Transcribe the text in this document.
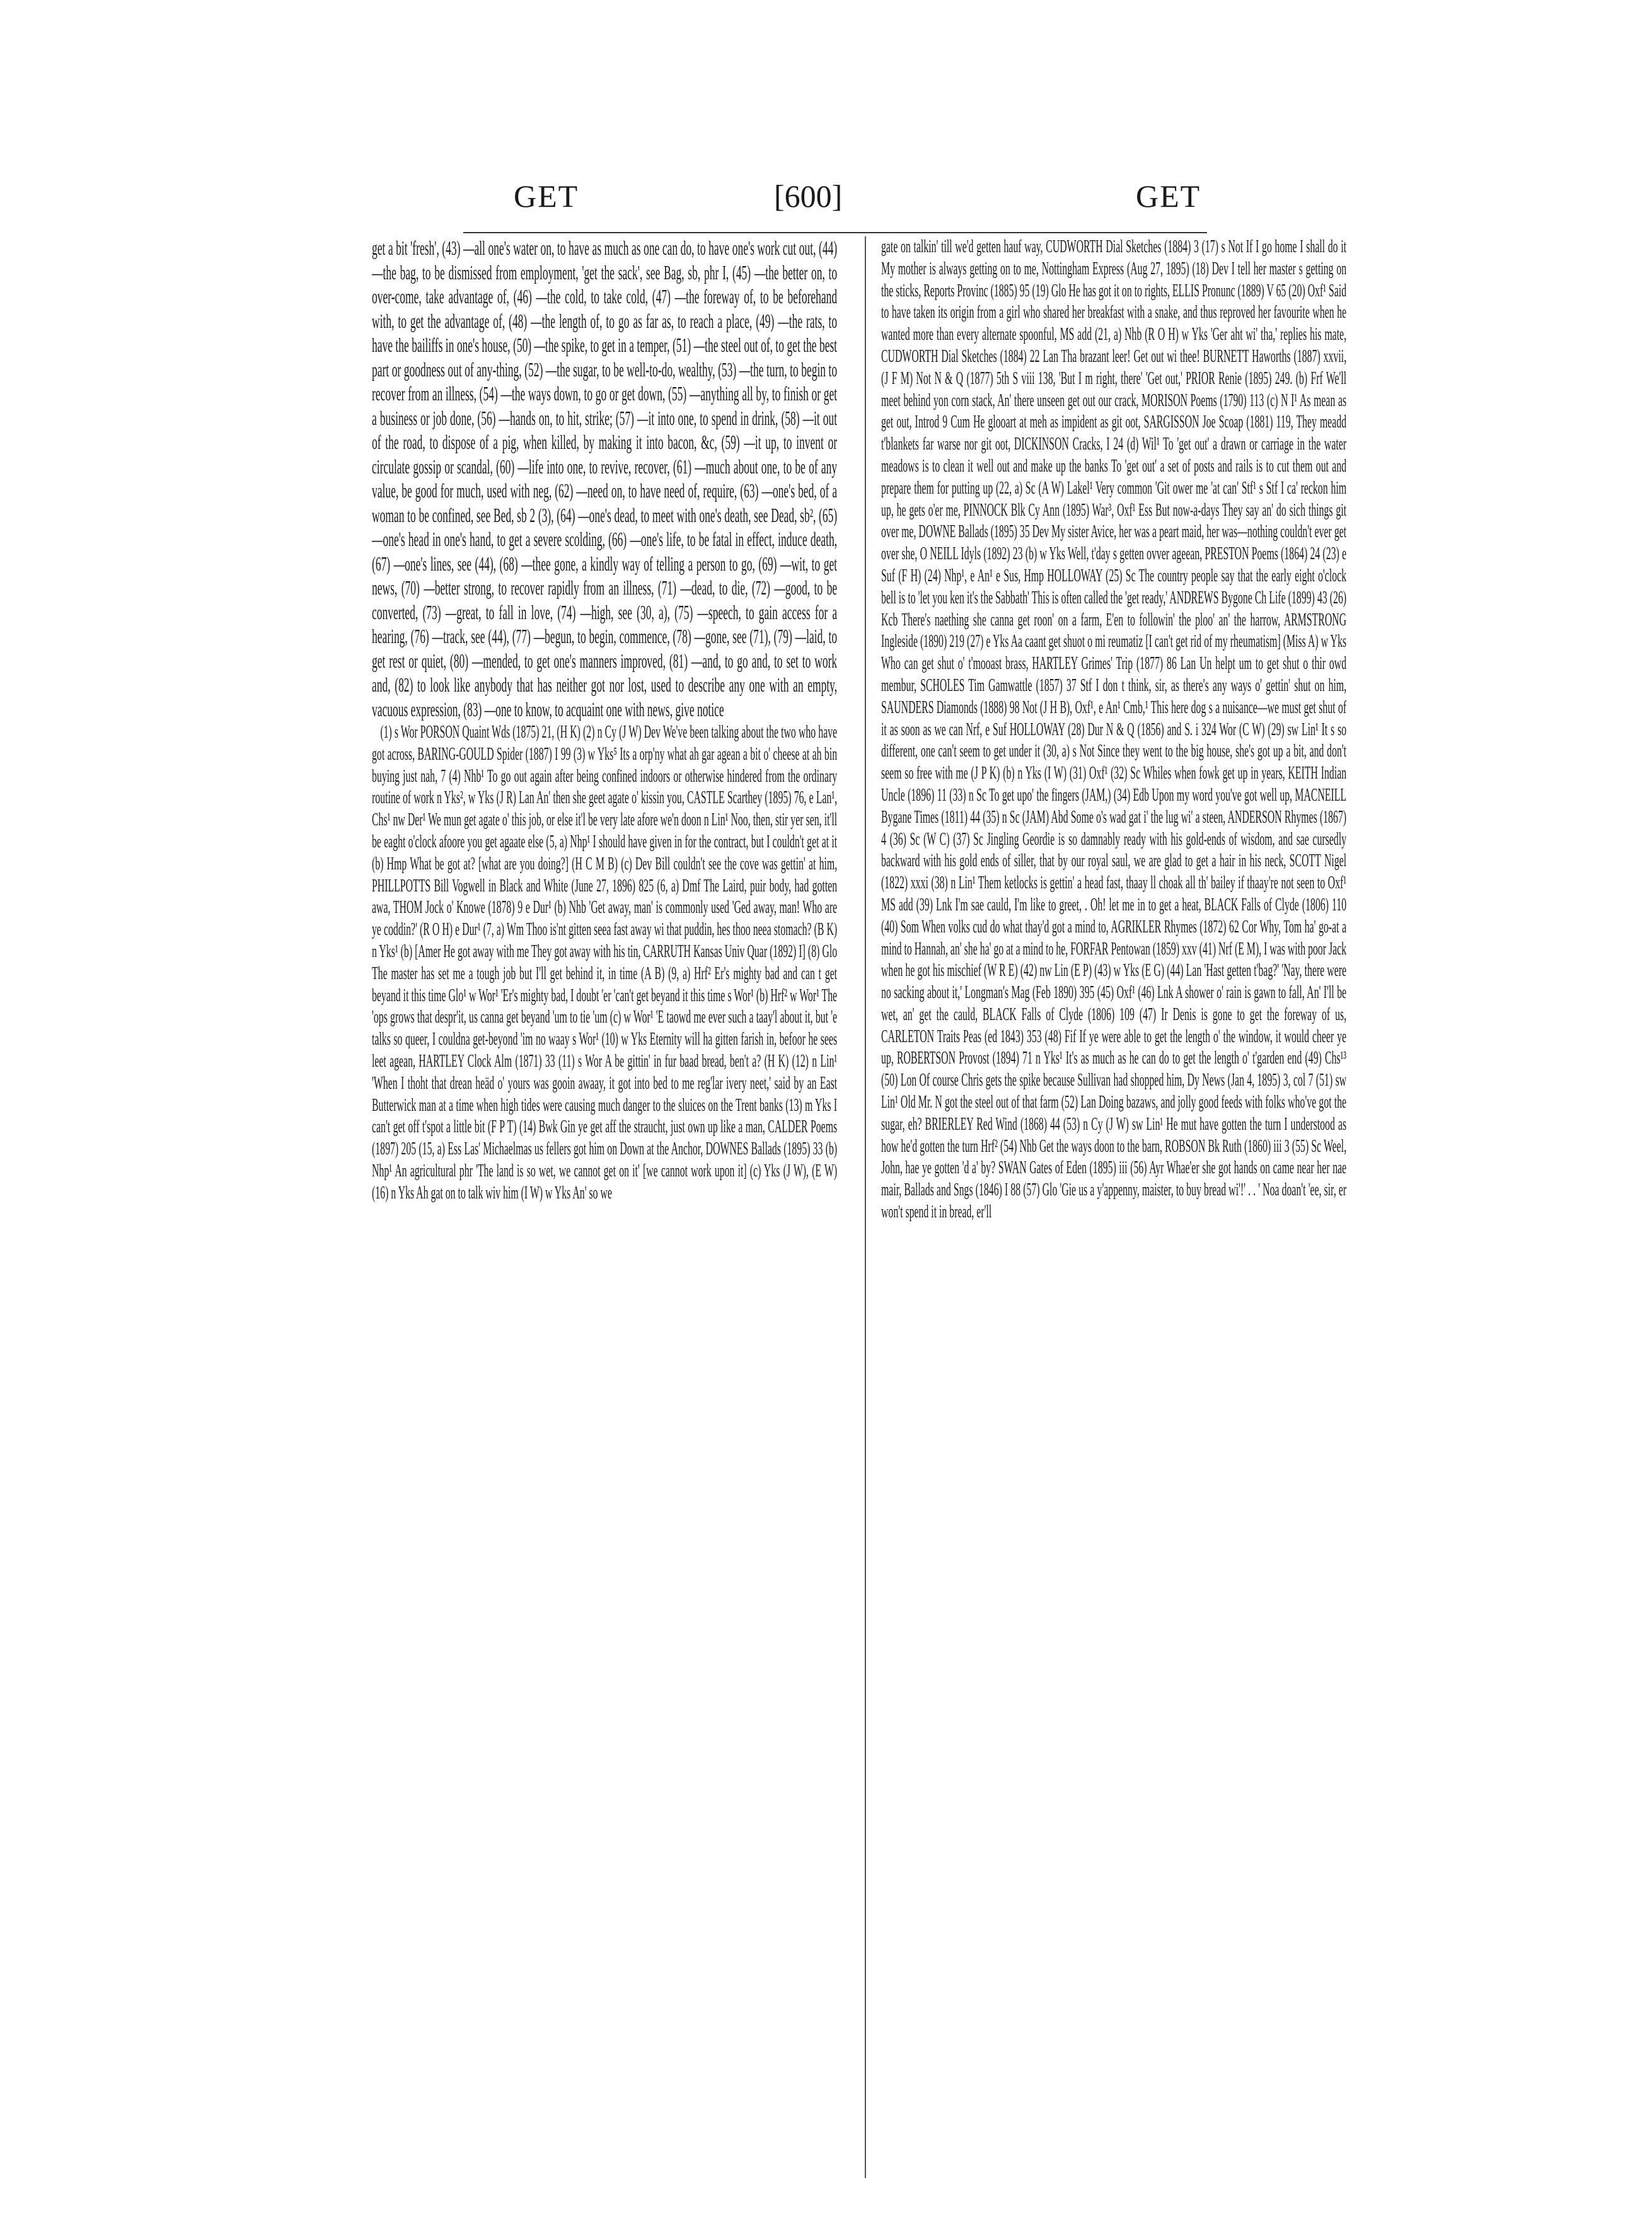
GET	[600]	GET

get a bit 'fresh', (43) —all one's water on, to have as much as one can do, to have one's work cut out, (44) —the bag, to be dismissed from employment, 'get the sack', see Bag, sb, phr I, (45) —the better on, to over-come, take advantage of, (46) —the cold, to take cold, (47) —the foreway of, to be beforehand with, to get the advantage of, (48) —the length of, to go as far as, to reach a place, (49) —the rats, to have the bailiffs in one's house, (50) —the spike, to get in a temper, (51) —the steel out of, to get the best part or goodness out of any-thing, (52) —the sugar, to be well-to-do, wealthy, (53) —the turn, to begin to recover from an illness, (54) —the ways down, to go or get down, (55) —anything all by, to finish or get a business or job done, (56) —hands on, to hit, strike; (57) —it into one, to spend in drink, (58) —it out of the road, to dispose of a pig, when killed, by making it into bacon, &c, (59) —it up, to invent or circulate gossip or scandal, (60) —life into one, to revive, recover, (61) —much about one, to be of any value, be good for much, used with neg, (62) —need on, to have need of, require, (63) —one's bed, of a woman to be confined, see Bed, sb 2 (3), (64) —one's dead, to meet with one's death, see Dead, sb², (65) —one's head in one's hand, to get a severe scolding, (66) —one's life, to be fatal in effect, induce death, (67) —one's lines, see (44), (68) —thee gone, a kindly way of telling a person to go, (69) —wit, to get news, (70) —better strong, to recover rapidly from an illness, (71) —dead, to die, (72) —good, to be converted, (73) —great, to fall in love, (74) —high, see (30, a), (75) —speech, to gain access for a hearing, (76) —track, see (44), (77) —begun, to begin, commence, (78) —gone, see (71), (79) —laid, to get rest or quiet, (80) —mended, to get one's manners improved, (81) —and, to go and, to set to work and, (82) to look like anybody that has neither got nor lost, used to describe any one with an empty, vacuous expression, (83) —one to know, to acquaint one with news, give notice

(1) s Wor PORSON Quaint Wds (1875) 21, (H K) (2) n Cy (J W) Dev We've been talking about the two who have got across, BARING-GOULD Spider (1887) I 99 (3) w Yks⁵ Its a orp'ny what ah gar agean a bit o' cheese at ah bin buying just nah, 7 (4) Nhb¹ To go out again after being confined indoors or otherwise hindered from the ordinary routine of work n Yks², w Yks (J R) Lan An' then she geet agate o' kissin you, CASTLE Scarthey (1895) 76, e Lan¹, Chs¹ nw Der¹ We mun get agate o' this job, or else it'l be very late afore we'n doon n Lin¹ Noo, then, stir yer sen, it'll be eaght o'clock afoore you get agaate else (5, a) Nhp¹ I should have given in for the contract, but I couldn't get at it (b) Hmp What be got at? [what are you doing?] (H C M B) (c) Dev Bill couldn't see the cove was gettin' at him, PHILLPOTTS Bill Vogwell in Black and White (June 27, 1896) 825 (6, a) Dmf The Laird, puir body, had gotten awa, THOM Jock o' Knowe (1878) 9 e Dur¹ (b) Nhb 'Get away, man' is commonly used 'Ged away, man! Who are ye coddin?' (R O H) e Dur¹ (7, a) Wm Thoo is'nt gitten seea fast away wi that puddin, hes thoo neea stomach? (B K) n Yks¹ (b) [Amer He got away with me They got away with his tin, CARRUTH Kansas Univ Quar (1892) I] (8) Glo The master has set me a tough job but I'll get behind it, in time (A B) (9, a) Hrf² Er's mighty bad and can t get beyand it this time Glo¹ w Wor¹ 'Er's mighty bad, I doubt 'er 'can't get beyand it this time s Wor¹ (b) Hrf² w Wor¹ The 'ops grows that despr'it, us canna get beyand 'um to tie 'um (c) w Wor¹ 'E taowd me ever such a taay'l about it, but 'e talks so queer, I couldna get-beyond 'im no waay s Wor¹ (10) w Yks Eternity will ha gitten farish in, befoor he sees leet agean, HARTLEY Clock Alm (1871) 33 (11) s Wor A be gittin' in fur baad bread, ben't a? (H K) (12) n Lin¹ 'When I thoht that drean heäd o' yours was gooin awaay, it got into bed to me reg'lar ivery neet,' said by an East Butterwick man at a time when high tides were causing much danger to the sluices on the Trent banks (13) m Yks I can't get off t'spot a little bit (F P T) (14) Bwk Gin ye get aff the straucht, just own up like a man, CALDER Poems (1897) 205 (15, a) Ess Las' Michaelmas us fellers got him on Down at the Anchor, DOWNES Ballads (1895) 33 (b) Nhp¹ An agricultural phr 'The land is so wet, we cannot get on it' [we cannot work upon it] (c) Yks (J W), (E W) (16) n Yks Ah gat on to talk wiv him (I W) w Yks An' so we

gate on talkin' till we'd getten hauf way, CUDWORTH Dial Sketches (1884) 3 (17) s Not If I go home I shall do it My mother is always getting on to me, Nottingham Express (Aug 27, 1895) (18) Dev I tell her master s getting on the sticks, Reports Provinc (1885) 95 (19) Glo He has got it on to rights, ELLIS Pronunc (1889) V 65 (20) Oxf¹ Said to have taken its origin from a girl who shared her breakfast with a snake, and thus reproved her favourite when he wanted more than every alternate spoonful, MS add (21, a) Nhb (R O H) w Yks 'Ger aht wi' tha,' replies his mate, CUDWORTH Dial Sketches (1884) 22 Lan Tha brazant leer! Get out wi thee! BURNETT Haworths (1887) xxvii, (J F M) Not N & Q (1877) 5th S viii 138, 'But I m right, there' 'Get out,' PRIOR Renie (1895) 249. (b) Frf We'll meet behind yon corn stack, An' there unseen get out our crack, MORISON Poems (1790) 113 (c) N I¹ As mean as get out, Introd 9 Cum He glooart at meh as impident as git oot, SARGISSON Joe Scoap (1881) 119, They meadd t'blankets far warse nor git oot, DICKINSON Cracks, I 24 (d) Wil¹ To 'get out' a drawn or carriage in the water meadows is to clean it well out and make up the banks To 'get out' a set of posts and rails is to cut them out and prepare them for putting up (22, a) Sc (A W) Lakel¹ Very common 'Git ower me 'at can' Stf¹ s Stf I ca' reckon him up, he gets o'er me, PINNOCK Blk Cy Ann (1895) War³, Oxf¹ Ess But now-a-days They say an' do sich things git over me, DOWNE Ballads (1895) 35 Dev My sister Avice, her was a peart maid, her was—nothing couldn't ever get over she, O NEILL Idyls (1892) 23 (b) w Yks Well, t'day s getten ovver ageean, PRESTON Poems (1864) 24 (23) e Suf (F H) (24) Nhp¹, e An¹ e Sus, Hmp HOLLOWAY (25) Sc The country people say that the early eight o'clock bell is to 'let you ken it's the Sabbath' This is often called the 'get ready,' ANDREWS Bygone Ch Life (1899) 43 (26) Kcb There's naething she canna get roon' on a farm, E'en to followin' the ploo' an' the harrow, ARMSTRONG Ingleside (1890) 219 (27) e Yks Aa caant get shuot o mi reumatiz [I can't get rid of my rheumatism] (Miss A) w Yks Who can get shut o' t'mooast brass, HARTLEY Grimes' Trip (1877) 86 Lan Un helpt um to get shut o thir owd membur, SCHOLES Tim Gamwattle (1857) 37 Stf I don t think, sir, as there's any ways o' gettin' shut on him, SAUNDERS Diamonds (1888) 98 Not (J H B), Oxf¹, e An¹ Cmb,¹ This here dog s a nuisance—we must get shut of it as soon as we can Nrf, e Suf HOLLOWAY (28) Dur N & Q (1856) and S. i 324 Wor (C W) (29) sw Lin¹ It s so different, one can't seem to get under it (30, a) s Not Since they went to the big house, she's got up a bit, and don't seem so free with me (J P K) (b) n Yks (I W) (31) Oxf¹ (32) Sc Whiles when fowk get up in years, KEITH Indian Uncle (1896) 11 (33) n Sc To get upo' the fingers (JAM,) (34) Edb Upon my word you've got well up, MACNEILL Bygane Times (1811) 44 (35) n Sc (JAM) Abd Some o's wad gat i' the lug wi' a steen, ANDERSON Rhymes (1867) 4 (36) Sc (W C) (37) Sc Jingling Geordie is so damnably ready with his gold-ends of wisdom, and sae cursedly backward with his gold ends of siller, that by our royal saul, we are glad to get a hair in his neck, SCOTT Nigel (1822) xxxi (38) n Lin¹ Them ketlocks is gettin' a head fast, thaay ll choak all th' bailey if thaay're not seen to Oxf¹ MS add (39) Lnk I'm sae cauld, I'm like to greet, . Oh! let me in to get a heat, BLACK Falls of Clyde (1806) 110 (40) Som When volks cud do what thay'd got a mind to, AGRIKLER Rhymes (1872) 62 Cor Why, Tom ha' go-at a mind to Hannah, an' she ha' go at a mind to he, FORFAR Pentowan (1859) xxv (41) Nrf (E M), I was with poor Jack when he got his mischief (W R E) (42) nw Lin (E P) (43) w Yks (E G) (44) Lan 'Hast getten t'bag?' 'Nay, there were no sacking about it,' Longman's Mag (Feb 1890) 395 (45) Oxf¹ (46) Lnk A shower o' rain is gawn to fall, An' I'll be wet, an' get the cauld, BLACK Falls of Clyde (1806) 109 (47) Ir Denis is gone to get the foreway of us, CARLETON Traits Peas (ed 1843) 353 (48) Fif If ye were able to get the length o' the window, it would cheer ye up, ROBERTSON Provost (1894) 71 n Yks¹ It's as much as he can do to get the length o' t'garden end (49) Chs¹³ (50) Lon Of course Chris gets the spike because Sullivan had shopped him, Dy News (Jan 4, 1895) 3, col 7 (51) sw Lin¹ Old Mr. N got the steel out of that farm (52) Lan Doing bazaws, and jolly good feeds with folks who've got the sugar, eh? BRIERLEY Red Wind (1868) 44 (53) n Cy (J W) sw Lin¹ He mut have gotten the turn I understood as how he'd gotten the turn Hrf² (54) Nhb Get the ways doon to the barn, ROBSON Bk Ruth (1860) iii 3 (55) Sc Weel, John, hae ye gotten 'd a' by? SWAN Gates of Eden (1895) iii (56) Ayr Whae'er she got hands on came near her nae mair, Ballads and Sngs (1846) I 88 (57) Glo 'Gie us a y'appenny, maister, to buy bread wi'!' . . ' Noa doan't 'ee, sir, er won't spend it in bread, er'll
